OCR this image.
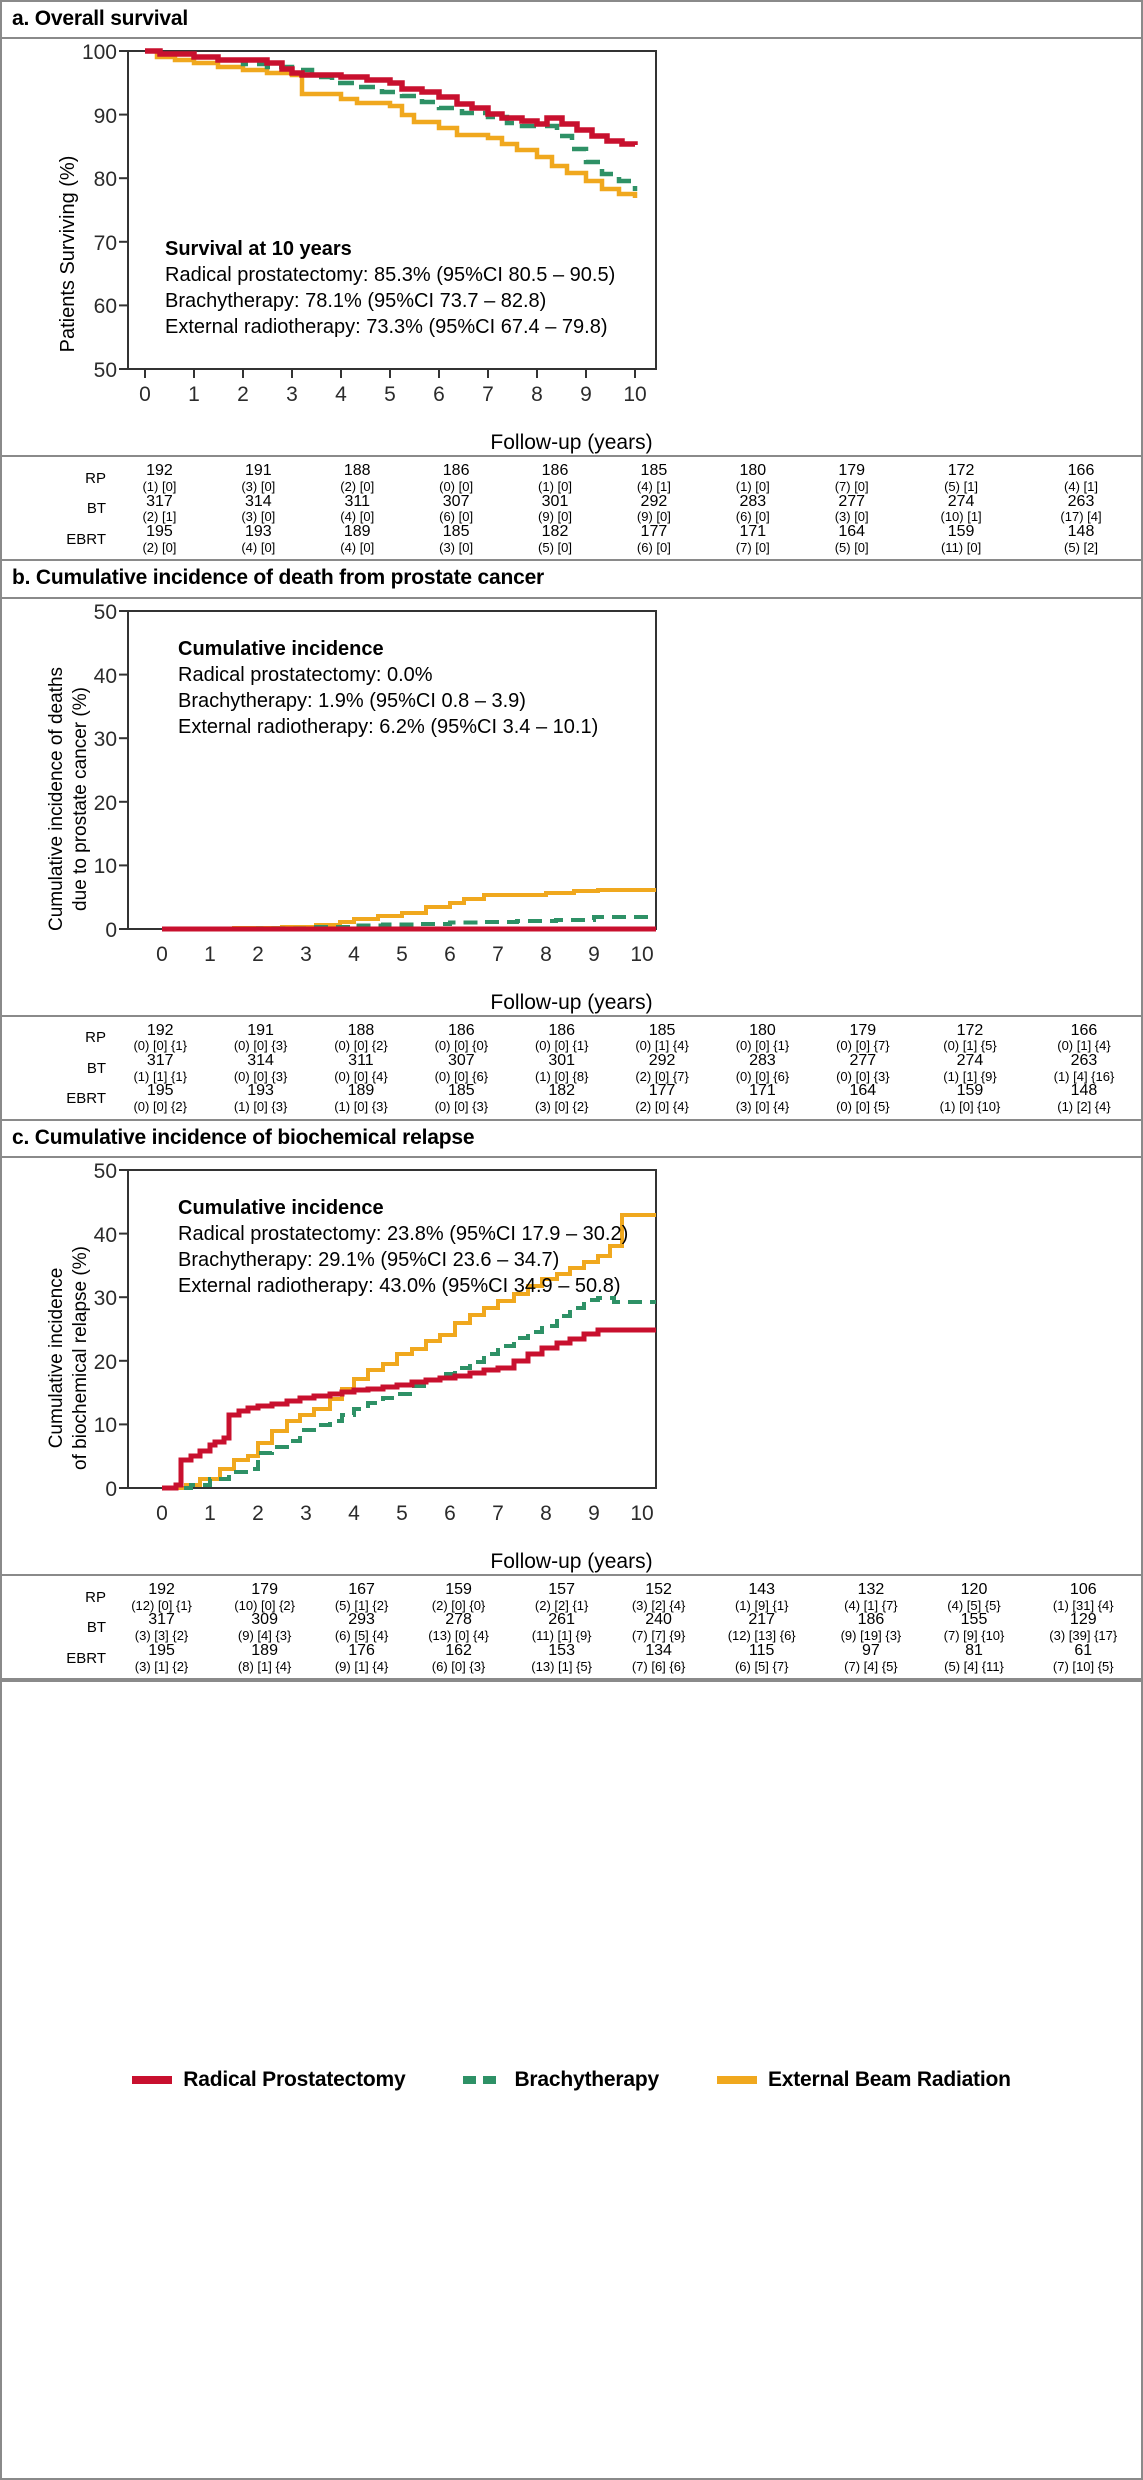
a. Overall survival
Patients Surviving (%)
100
90
80
70
60
50
0 1 2 3 4 5 6 7 8 9 10
Survival at 10 years
Radical prostatectomy: 85.3% (95%CI 80.5 – 90.5)
Brachytherapy: 78.1% (95%CI 73.7 – 82.8)
External radiotherapy: 73.3% (95%CI 67.4 – 79.8)
Follow-up (years)
RP	192	191	188	186	186	185	180	179	172	166
	(1) [0]	(3) [0]	(2) [0]	(0) [0]	(1) [0]	(4) [1]	(1) [0]	(7) [0]	(5) [1]	(4) [1]
BT	317	314	311	307	301	292	283	277	274	263
	(2) [1]	(3) [0]	(4) [0]	(6) [0]	(9) [0]	(9) [0]	(6) [0]	(3) [0]	(10) [1]	(17) [4]
EBRT	195	193	189	185	182	177	171	164	159	148
	(2) [0]	(4) [0]	(4) [0]	(3) [0]	(5) [0]	(6) [0]	(7) [0]	(5) [0]	(11) [0]	(5) [2]
b. Cumulative incidence of death from prostate cancer
Cumulative incidence of deaths due to prostate cancer (%)
50
40
30
20
10
0
0 1 2 3 4 5 6 7 8 9 10
Cumulative incidence
Radical prostatectomy: 0.0%
Brachytherapy: 1.9% (95%CI 0.8 – 3.9)
External radiotherapy: 6.2% (95%CI 3.4 – 10.1)
Follow-up (years)
RP	192	191	188	186	186	185	180	179	172	166
	(0) [0] {1}	(0) [0] {3}	(0) [0] {2}	(0) [0] {0}	(0) [0] {1}	(0) [1] {4}	(0) [0] {1}	(0) [0] {7}	(0) [1] {5}	(0) [1] {4}
BT	317	314	311	307	301	292	283	277	274	263
	(1) [1] {1}	(0) [0] {3}	(0) [0] {4}	(0) [0] {6}	(1) [0] {8}	(2) [0] {7}	(0) [0] {6}	(0) [0] {3}	(1) [1] {9}	(1) [4] {16}
EBRT	195	193	189	185	182	177	171	164	159	148
	(0) [0] {2}	(1) [0] {3}	(1) [0] {3}	(0) [0] {3}	(3) [0] {2}	(2) [0] {4}	(3) [0] {4}	(0) [0] {5}	(1) [0] {10}	(1) [2] {4}
c. Cumulative incidence of biochemical relapse
Cumulative incidence of biochemical relapse (%)
50
40
30
20
10
0
0 1 2 3 4 5 6 7 8 9 10
Cumulative incidence
Radical prostatectomy: 23.8% (95%CI 17.9 – 30.2)
Brachytherapy: 29.1% (95%CI 23.6 – 34.7)
External radiotherapy: 43.0% (95%CI 34.9 – 50.8)
Follow-up (years)
RP	192	179	167	159	157	152	143	132	120	106
	(12) [0] {1}	(10) [0] {2}	(5) [1] {2}	(2) [0] {0}	(2) [2] {1}	(3) [2] {4}	(1) [9] {1}	(4) [1] {7}	(4) [5] {5}	(1) [31] {4}
BT	317	309	293	278	261	240	217	186	155	129
	(3) [3] {2}	(9) [4] {3}	(6) [5] {4}	(13) [0] {4}	(11) [1] {9}	(7) [7] {9}	(12) [13] {6}	(9) [19] {3}	(7) [9] {10}	(3) [39] {17}
EBRT	195	189	176	162	153	134	115	97	81	61
	(3) [1] {2}	(8) [1] {4}	(9) [1] {4}	(6) [0] {3}	(13) [1] {5}	(7) [6] {6}	(6) [5] {7}	(7) [4] {5}	(5) [4] {11}	(7) [10] {5}
Radical Prostatectomy	Brachytherapy	External Beam Radiation
